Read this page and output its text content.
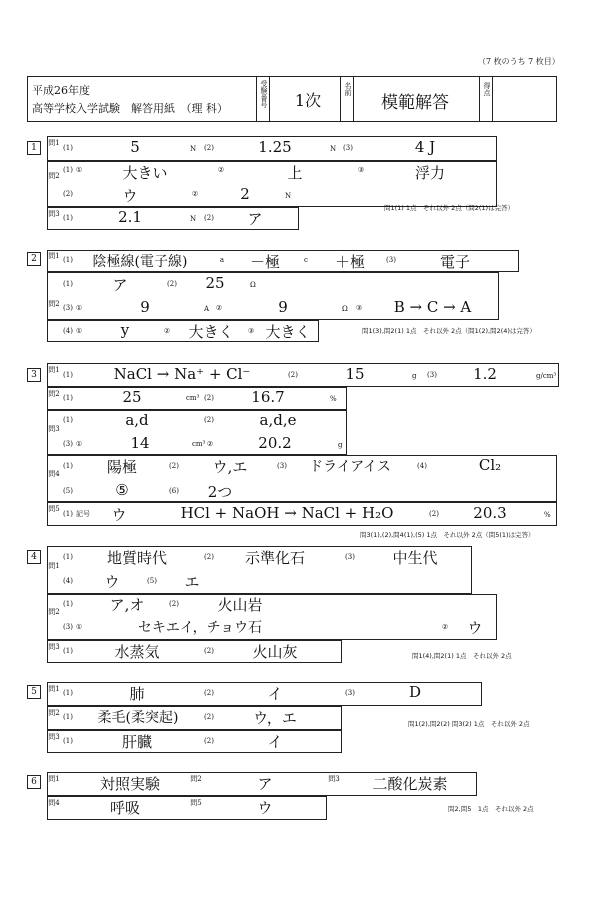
（7 枚のうち 7 枚目）
平成26年度
高等学校入学試験　解答用紙　（理 科）
受験番号	1次
名前
模範解答
得点
1	問1
(1)	5	N (2)	1.25	N (3)	4 J
問2
(1) ①	大きい	②	上	③	浮力
(2)	ウ	②	2	N
問3 (1)	2.1	N (2)	ア
問1(1) 1点　それ以外 2点（問2(1)は完答）
2	問1 (1)	陰極線(電子線)	a	－極	c	＋極	(3)	電子
問2
(1)	ア	(2)	25	Ω
(3) ①	9	A ②	9	Ω ③	B → C → A
(4) ①	y	②	大きく	③ 大きく	問1(3),問2(1) 1点　それ以外 2点（問1(2),問2(4)は完答）
3	問1
(1)	NaCl → Na⁺ + Cl⁻	(2)	15	g (3)	1.2	g/cm³
問2 (1)	25	cm³ (2)	16.7	%
問3
(1)	a,d	(2)	a,d,e
(3) ①	14	cm³ ②	20.2	g
問4
(1)	陽極	(2)	ウ,エ	(3)	ドライアイス	(4)	Cl₂
(5)	⑤	(6)	2つ
問5
(1) 記号	ウ	HCl + NaOH → NaCl + H₂O	(2)	20.3	%
問3(1),(2),問4(1),(5) 1点　それ以外 2点（問5(1)は完答）
4
問1
(1)	地質時代	(2)	示準化石	(3)	中生代
(4)	ウ	(5)	エ
問2
(1)	ア,オ	(2)	火山岩
(3) ①	セキエイ，チョウ石	②	ウ
問3 (1)	水蒸気	(2)	火山灰	問1(4),問2(1) 1点　それ以外 2点
5	問1 (1)	肺	(2)	イ	(3)	D
問2 (1)	柔毛(柔突起)	(2)	ウ，エ
問3 (1)	肝臓	(2)	イ
問1(2),問2(2) 問3(2) 1点　それ以外 2点
6	問1	対照実験	問2	ア	問3	二酸化炭素
問4	呼吸	問5	ウ	問2,問5　1点　それ以外 2点
